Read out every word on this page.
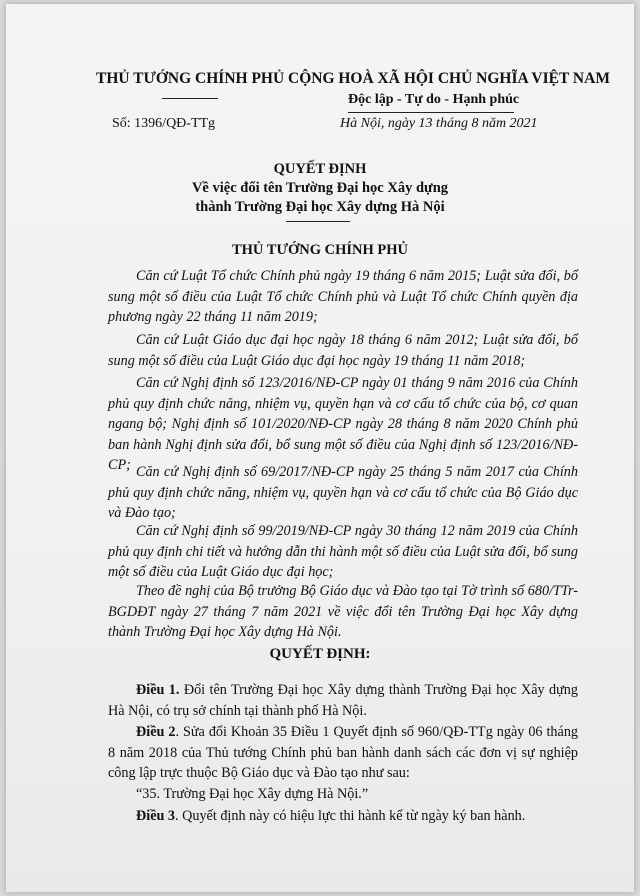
THỦ TƯỚNG CHÍNH PHỦ CỘNG HOÀ XÃ HỘI CHỦ NGHĨA VIỆT NAM
Độc lập - Tự do - Hạnh phúc
Số: 1396/QĐ-TTg	Hà Nội, ngày 13 tháng 8 năm 2021
QUYẾT ĐỊNH
Về việc đổi tên Trường Đại học Xây dựng
thành Trường Đại học Xây dựng Hà Nội
THỦ TƯỚNG CHÍNH PHỦ
Căn cứ Luật Tổ chức Chính phủ ngày 19 tháng 6 năm 2015; Luật sửa đổi, bổ sung một số điều của Luật Tổ chức Chính phủ và Luật Tổ chức Chính quyền địa phương ngày 22 tháng 11 năm 2019;
Căn cứ Luật Giáo dục đại học ngày 18 tháng 6 năm 2012; Luật sửa đổi, bổ sung một số điều của Luật Giáo dục đại học ngày 19 tháng 11 năm 2018;
Căn cứ Nghị định số 123/2016/NĐ-CP ngày 01 tháng 9 năm 2016 của Chính phủ quy định chức năng, nhiệm vụ, quyền hạn và cơ cấu tổ chức của bộ, cơ quan ngang bộ; Nghị định số 101/2020/NĐ-CP ngày 28 tháng 8 năm 2020 Chính phủ ban hành Nghị định sửa đổi, bổ sung một số điều của Nghị định số 123/2016/NĐ-CP; Căn cứ Nghị định số 69/2017/NĐ-CP ngày 25 tháng 5 năm 2017 của Chính phủ quy định chức năng, nhiệm vụ, quyền hạn và cơ cấu tổ chức của Bộ Giáo dục và Đào tạo;
Căn cứ Nghị định số 99/2019/NĐ-CP ngày 30 tháng 12 năm 2019 của Chính phủ quy định chi tiết và hướng dẫn thi hành một số điều của Luật sửa đổi, bổ sung một số điều của Luật Giáo dục đại học;
Theo đề nghị của Bộ trưởng Bộ Giáo dục và Đào tạo tại Tờ trình số 680/TTr-BGDĐT ngày 27 tháng 7 năm 2021 về việc đổi tên Trường Đại học Xây dựng thành Trường Đại học Xây dựng Hà Nội.
QUYẾT ĐỊNH:
Điều 1. Đổi tên Trường Đại học Xây dựng thành Trường Đại học Xây dựng Hà Nội, có trụ sở chính tại thành phố Hà Nội.
Điều 2. Sửa đổi Khoản 35 Điều 1 Quyết định số 960/QĐ-TTg ngày 06 tháng 8 năm 2018 của Thủ tướng Chính phủ ban hành danh sách các đơn vị sự nghiệp công lập trực thuộc Bộ Giáo dục và Đào tạo như sau:
“35. Trường Đại học Xây dựng Hà Nội.”
Điều 3. Quyết định này có hiệu lực thi hành kể từ ngày ký ban hành.
